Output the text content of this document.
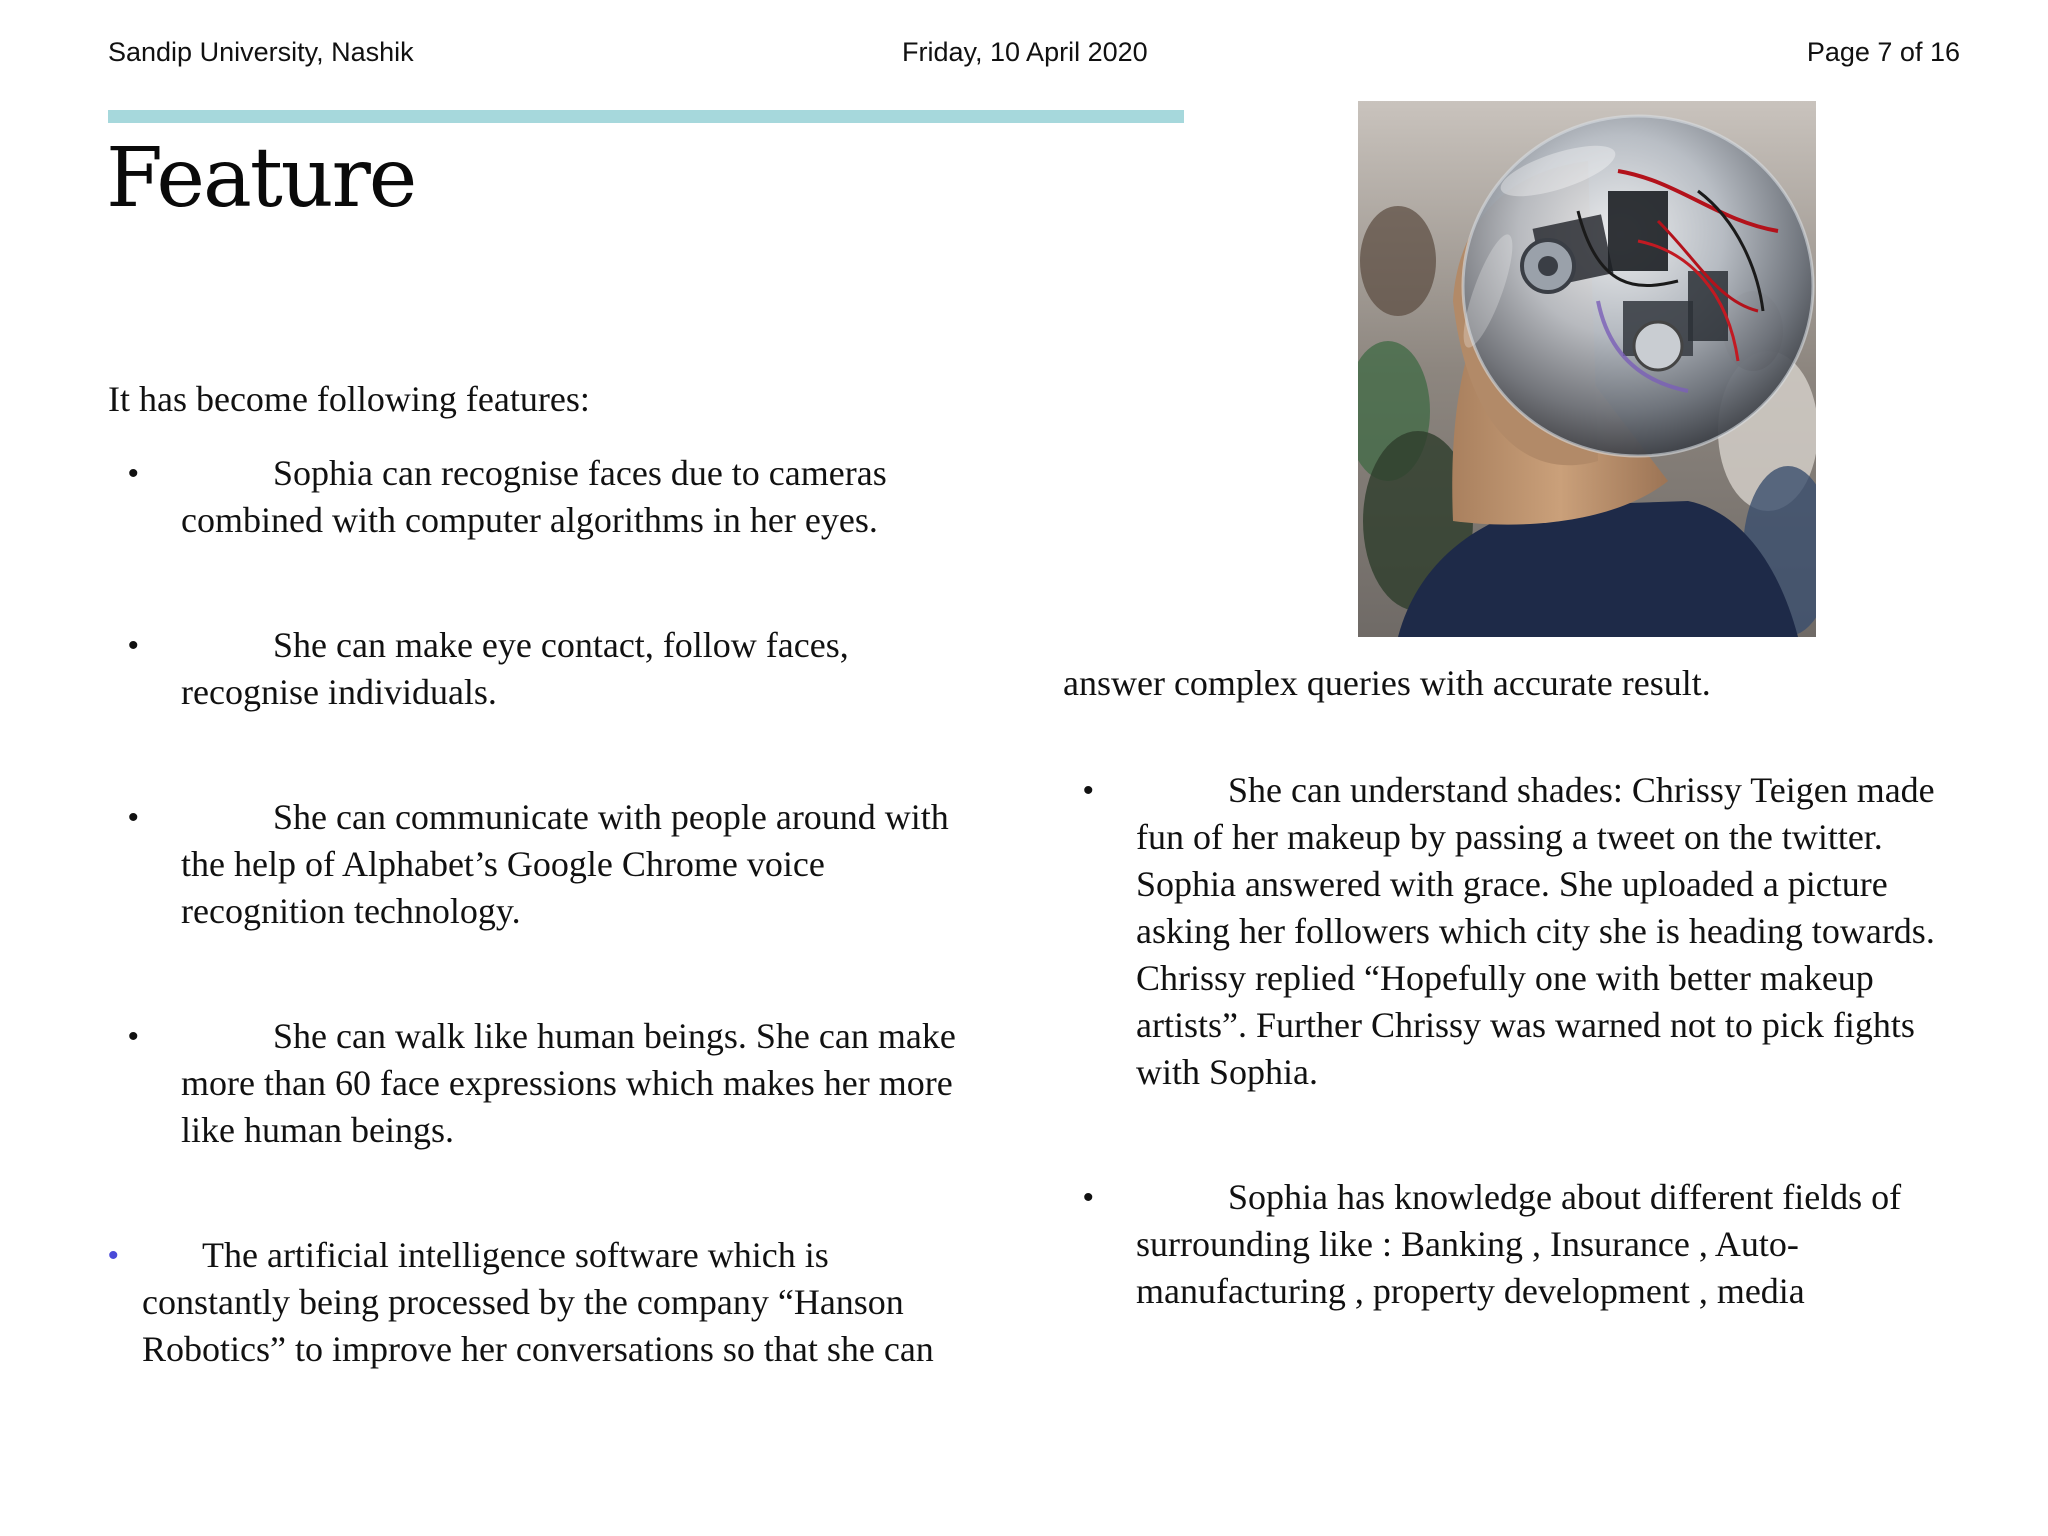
Sandip University, Nashik	Friday, 10 April 2020	Page 7 of 16
Feature
It has become following features:
•	Sophia can recognise faces due to cameras combined with computer algorithms in her eyes.
•	She can make eye contact, follow faces, recognise individuals.
•	She can communicate with people around with the help of Alphabet’s Google Chrome voice recognition technology.
•	She can walk like human beings. She can make more than 60 face expressions which makes her more like human beings.
•	The artificial intelligence software which is constantly being processed by the company “Hanson Robotics” to improve her conversations so that she can
answer complex queries with accurate result.
•	She can understand shades: Chrissy Teigen made fun of her makeup by passing a tweet on the twitter. Sophia answered with grace. She uploaded a picture asking her followers which city she is heading towards. Chrissy replied “Hopefully one with better makeup artists”. Further Chrissy was warned not to pick fights with Sophia.
•	Sophia has knowledge about different fields of surrounding like : Banking , Insurance , Auto- manufacturing , property development , media
